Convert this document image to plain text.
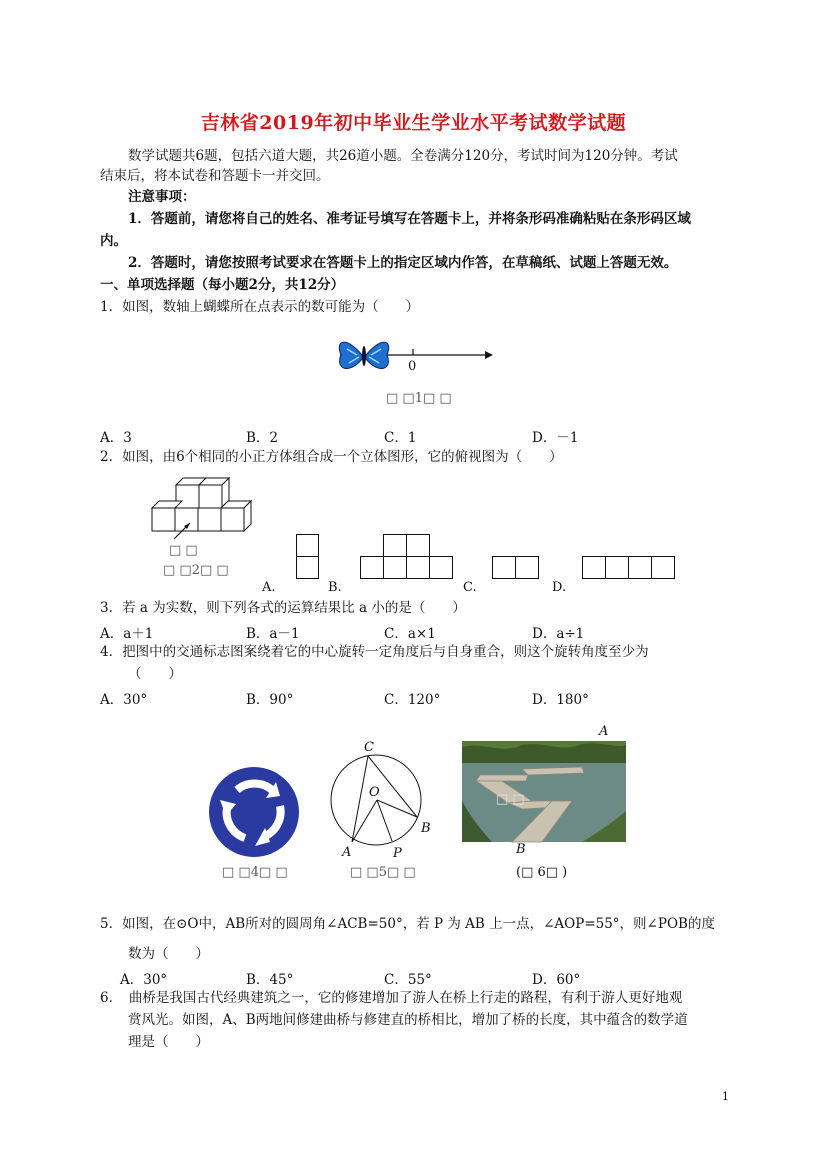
吉林省2019年初中毕业生学业水平考试数学试题
数学试题共6题，包括六道大题，共26道小题。全卷满分120分，考试时间为120分钟。考试
结束后，将本试卷和答题卡一并交回。
注意事项：
1．答题前，请您将自己的姓名、准考证号填写在答题卡上，并将条形码准确粘贴在条形码区域
内。
2．答题时，请您按照考试要求在答题卡上的指定区域内作答，在草稿纸、试题上答题无效。
一、单项选择题（每小题2分，共12分）
1．如图，数轴上蝴蝶所在点表示的数可能为（　　）
0
□ □1□ □
A．3	B．2	C．1	D．－1
2．如图，由6个相同的小正方体组合成一个立体图形，它的俯视图为（　　）
□ □
□ □2□ □
A.	B.	C.	D.
3．若 a 为实数，则下列各式的运算结果比 a 小的是（　　）
A．a＋1	B．a－1	C．a×1	D．a÷1
4．把图中的交通标志图案绕着它的中心旋转一定角度后与自身重合，则这个旋转角度至少为
（　　）
A．30°	B．90°	C．120°	D．180°
□ □4□ □
C
O
B
A	P
□ □5□ □
□ □
A
B
(□ 6□ )
5．如图，在⊙O中，AB所对的圆周角∠ACB=50°，若 P 为 AB 上一点，∠AOP=55°，则∠POB的度
数为（　　）
A．30°	B．45°	C．55°	D．60°
6．　曲桥是我国古代经典建筑之一，它的修建增加了游人在桥上行走的路程，有利于游人更好地观
赏风光。如图，A、B两地间修建曲桥与修建直的桥相比，增加了桥的长度，其中蕴含的数学道
理是（　　）
1
